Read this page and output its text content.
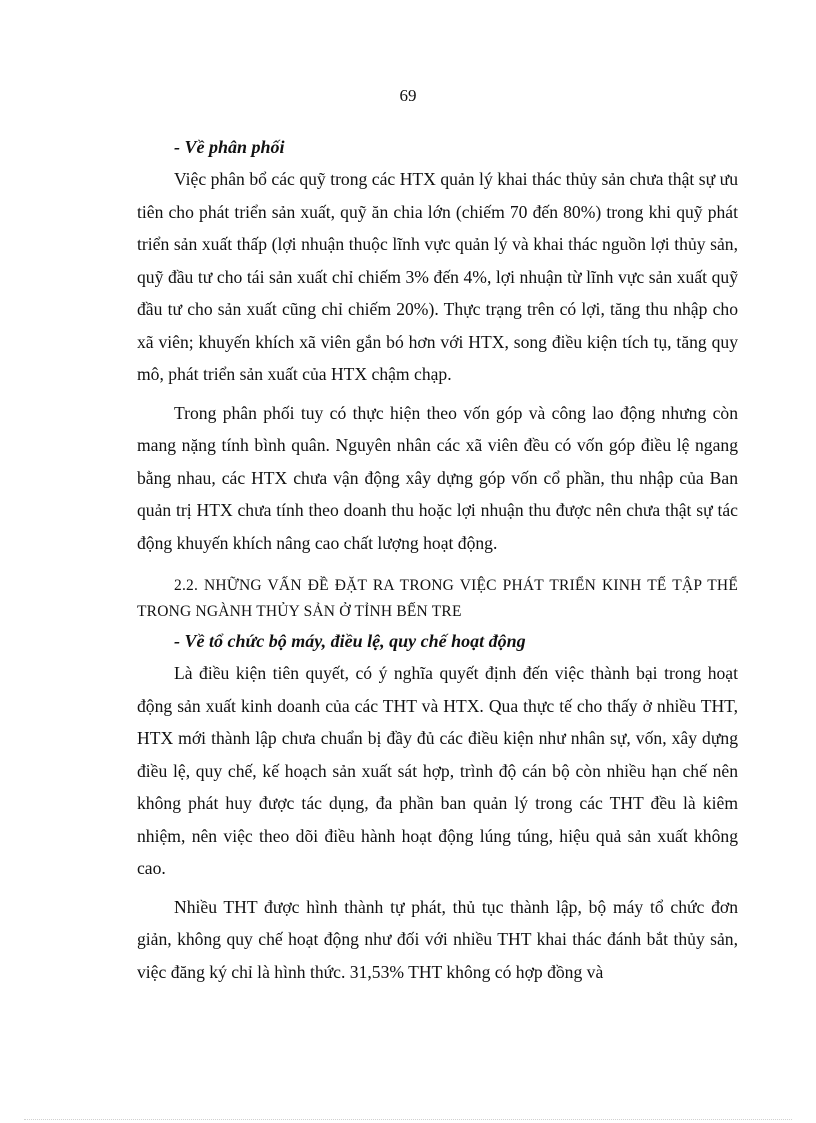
69

- Về phân phối

Việc phân bổ các quỹ trong các HTX quản lý khai thác thủy sản chưa thật sự ưu tiên cho phát triển sản xuất, quỹ ăn chia lớn (chiếm 70 đến 80%) trong khi quỹ phát triển sản xuất thấp (lợi nhuận thuộc lĩnh vực quản lý và khai thác nguồn lợi thủy sản, quỹ đầu tư cho tái sản xuất chỉ chiếm 3% đến 4%, lợi nhuận từ lĩnh vực sản xuất quỹ đầu tư cho sản xuất cũng chỉ chiếm 20%). Thực trạng trên có lợi, tăng thu nhập cho xã viên; khuyến khích xã viên gắn bó hơn với HTX, song điều kiện tích tụ, tăng quy mô, phát triển sản xuất của HTX chậm chạp.

Trong phân phối tuy có thực hiện theo vốn góp và công lao động nhưng còn mang nặng tính bình quân. Nguyên nhân các xã viên đều có vốn góp điều lệ ngang bằng nhau, các HTX chưa vận động xây dựng góp vốn cổ phần, thu nhập của Ban quản trị HTX chưa tính theo doanh thu hoặc lợi nhuận thu được nên chưa thật sự tác động khuyến khích nâng cao chất lượng hoạt động.

2.2. NHỮNG VẤN ĐỀ ĐẶT RA TRONG VIỆC PHÁT TRIỂN KINH TẾ TẬP THỂ TRONG NGÀNH THỦY SẢN Ở TỈNH BẾN TRE

- Về tổ chức bộ máy, điều lệ, quy chế hoạt động

Là điều kiện tiên quyết, có ý nghĩa quyết định đến việc thành bại trong hoạt động sản xuất kinh doanh của các THT và HTX. Qua thực tế cho thấy ở nhiều THT, HTX mới thành lập chưa chuẩn bị đầy đủ các điều kiện như nhân sự, vốn, xây dựng điều lệ, quy chế, kế hoạch sản xuất sát hợp, trình độ cán bộ còn nhiều hạn chế nên không phát huy được tác dụng, đa phần ban quản lý trong các THT đều là kiêm nhiệm, nên việc theo dõi điều hành hoạt động lúng túng, hiệu quả sản xuất không cao.

Nhiều THT được hình thành tự phát, thủ tục thành lập, bộ máy tổ chức đơn giản, không quy chế hoạt động như đối với nhiều THT khai thác đánh bắt thủy sản, việc đăng ký chỉ là hình thức. 31,53% THT không có hợp đồng và
